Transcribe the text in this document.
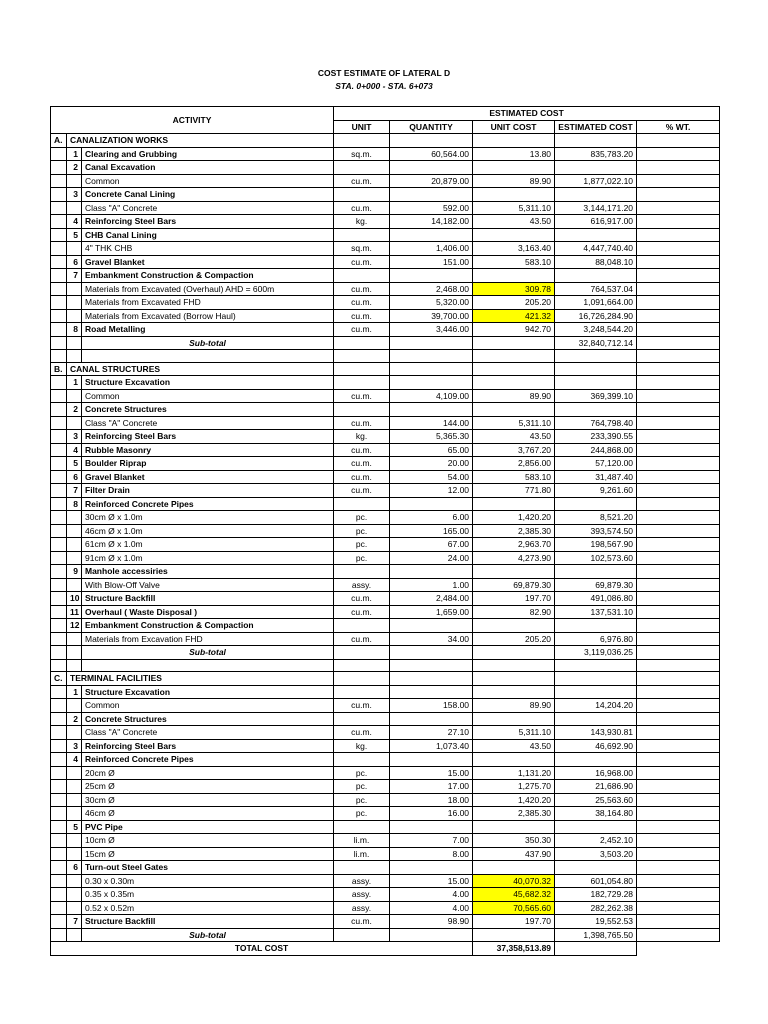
COST ESTIMATE OF LATERAL D
STA. 0+000 - STA. 6+073
ACTIVITY			ESTIMATED COST				
			UNIT	QUANTITY	UNIT COST	ESTIMATED COST	% WT.
A.	CANALIZATION WORKS						
	1	Clearing and Grubbing	sq.m.	60,564.00	13.80	835,783.20	
	2	Canal Excavation					
		Common	cu.m.	20,879.00	89.90	1,877,022.10	
	3	Concrete Canal Lining					
		Class "A" Concrete	cu.m.	592.00	5,311.10	3,144,171.20	
	4	Reinforcing Steel Bars	kg.	14,182.00	43.50	616,917.00	
	5	CHB Canal Lining					
		4" THK CHB	sq.m.	1,406.00	3,163.40	4,447,740.40	
	6	Gravel Blanket	cu.m.	151.00	583.10	88,048.10	
	7	Embankment Construction & Compaction					
		Materials from Excavated (Overhaul) AHD = 600m	cu.m.	2,468.00	309.78	764,537.04	
		Materials from Excavated FHD	cu.m.	5,320.00	205.20	1,091,664.00	
		Materials from Excavated (Borrow Haul)	cu.m.	39,700.00	421.32	16,726,284.90	
	8	Road Metalling	cu.m.	3,446.00	942.70	3,248,544.20	
		Sub-total				32,840,712.14	

B.	CANAL STRUCTURES						
	1	Structure Excavation					
		Common	cu.m.	4,109.00	89.90	369,399.10	
	2	Concrete Structures					
		Class "A" Concrete	cu.m.	144.00	5,311.10	764,798.40	
	3	Reinforcing Steel Bars	kg.	5,365.30	43.50	233,390.55	
	4	Rubble Masonry	cu.m.	65.00	3,767.20	244,868.00	
	5	Boulder Riprap	cu.m.	20.00	2,856.00	57,120.00	
	6	Gravel Blanket	cu.m.	54.00	583.10	31,487.40	
	7	Filter Drain	cu.m.	12.00	771.80	9,261.60	
	8	Reinforced Concrete Pipes					
		30cm Ø x 1.0m	pc.	6.00	1,420.20	8,521.20	
		46cm Ø x 1.0m	pc.	165.00	2,385.30	393,574.50	
		61cm Ø x 1.0m	pc.	67.00	2,963.70	198,567.90	
		91cm Ø x 1.0m	pc.	24.00	4,273.90	102,573.60	
	9	Manhole accessiries					
		With Blow-Off Valve	assy.	1.00	69,879.30	69,879.30	
	10	Structure Backfill	cu.m.	2,484.00	197.70	491,086.80	
	11	Overhaul ( Waste Disposal )	cu.m.	1,659.00	82.90	137,531.10	
	12	Embankment Construction & Compaction					
		Materials from Excavation FHD	cu.m.	34.00	205.20	6,976.80	
		Sub-total				3,119,036.25	

C.	TERMINAL FACILITIES						
	1	Structure Excavation					
		Common	cu.m.	158.00	89.90	14,204.20	
	2	Concrete Structures					
		Class "A" Concrete	cu.m.	27.10	5,311.10	143,930.81	
	3	Reinforcing Steel Bars	kg.	1,073.40	43.50	46,692.90	
	4	Reinforced Concrete Pipes					
		20cm Ø	pc.	15.00	1,131.20	16,968.00	
		25cm Ø	pc.	17.00	1,275.70	21,686.90	
		30cm Ø	pc.	18.00	1,420.20	25,563.60	
		46cm Ø	pc.	16.00	2,385.30	38,164.80	
	5	PVC Pipe					
		10cm Ø	li.m.	7.00	350.30	2,452.10	
		15cm Ø	li.m.	8.00	437.90	3,503.20	
	6	Turn-out Steel Gates					
		0.30 x 0.30m	assy.	15.00	40,070.32	601,054.80	
		0.35 x 0.35m	assy.	4.00	45,682.32	182,729.28	
		0.52 x 0.52m	assy.	4.00	70,565.60	282,262.38	
	7	Structure Backfill	cu.m.	98.90	197.70	19,552.53	
		Sub-total				1,398,765.50	
TOTAL COST					37,358,513.89		
